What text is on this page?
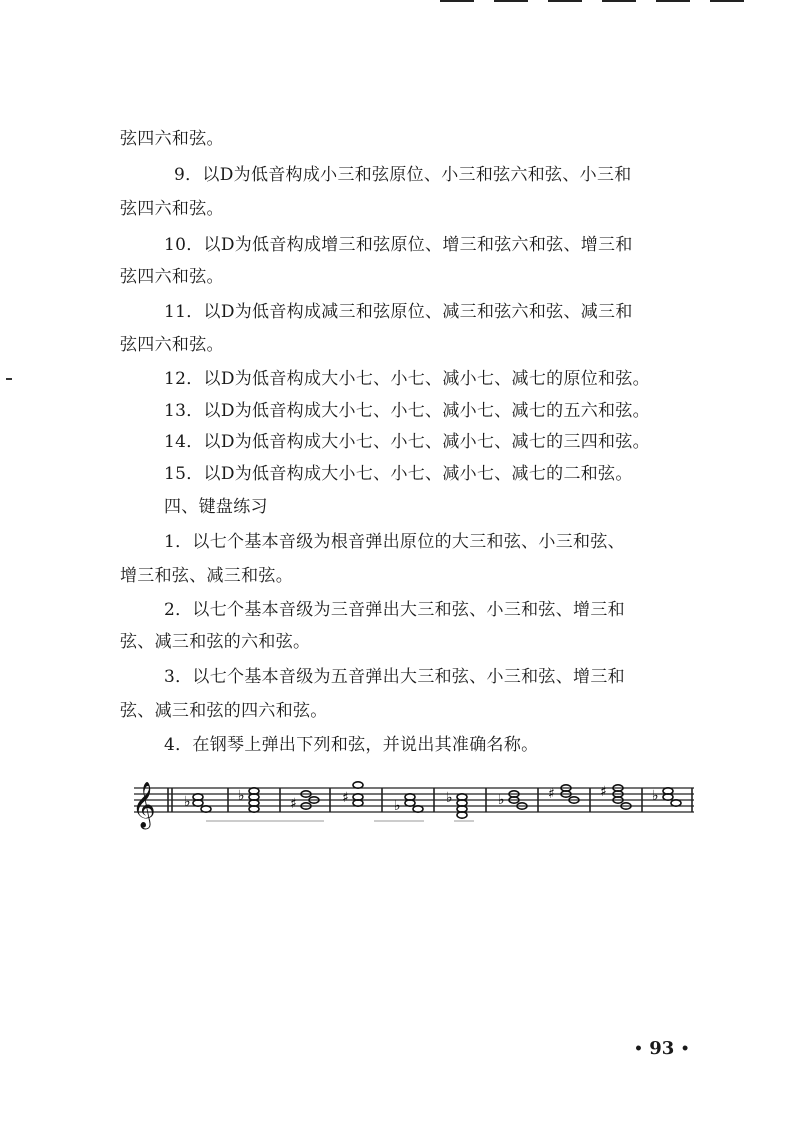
弦四六和弦。
9．以D为低音构成小三和弦原位、小三和弦六和弦、小三和
弦四六和弦。
10．以D为低音构成增三和弦原位、增三和弦六和弦、增三和
弦四六和弦。
11．以D为低音构成减三和弦原位、减三和弦六和弦、减三和
弦四六和弦。
12．以D为低音构成大小七、小七、减小七、减七的原位和弦。
13．以D为低音构成大小七、小七、减小七、减七的五六和弦。
14．以D为低音构成大小七、小七、减小七、减七的三四和弦。
15．以D为低音构成大小七、小七、减小七、减七的二和弦。
四、键盘练习
1．以七个基本音级为根音弹出原位的大三和弦、小三和弦、
增三和弦、减三和弦。
2．以七个基本音级为三音弹出大三和弦、小三和弦、增三和
弦、减三和弦的六和弦。
3．以七个基本音级为五音弹出大三和弦、小三和弦、增三和
弦、减三和弦的四六和弦。
4．在钢琴上弹出下列和弦，并说出其准确名称。
𝄞 ♭	♭	♯	♯	♭	♭	♭	♯	♯	♭
• 93 •
